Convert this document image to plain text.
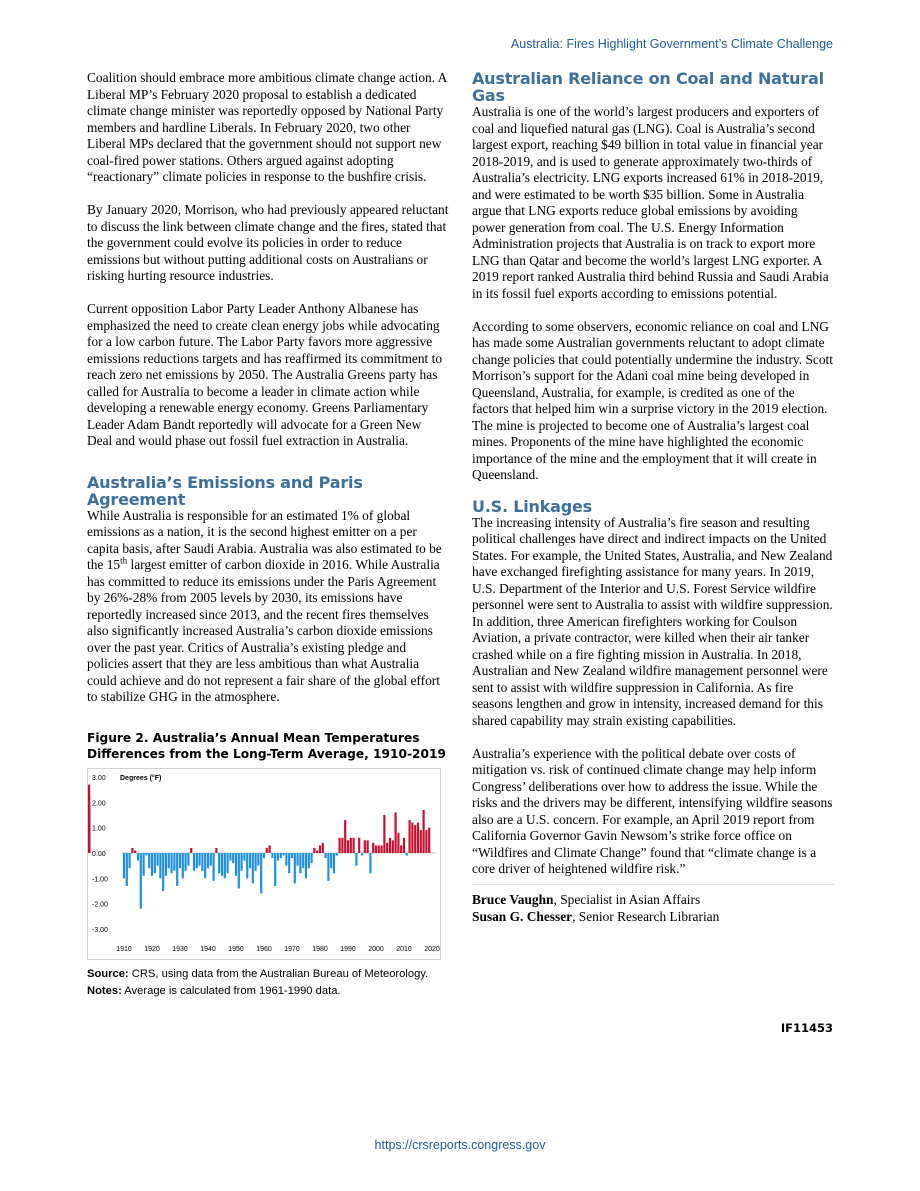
Australia: Fires Highlight Government’s Climate Challenge

Coalition should embrace more ambitious climate change action. A Liberal MP’s February 2020 proposal to establish a dedicated climate change minister was reportedly opposed by National Party members and hardline Liberals. In February 2020, two other Liberal MPs declared that the government should not support new coal-fired power stations. Others argued against adopting “reactionary” climate policies in response to the bushfire crisis.

By January 2020, Morrison, who had previously appeared reluctant to discuss the link between climate change and the fires, stated that the government could evolve its policies in order to reduce emissions but without putting additional costs on Australians or risking hurting resource industries.

Current opposition Labor Party Leader Anthony Albanese has emphasized the need to create clean energy jobs while advocating for a low carbon future. The Labor Party favors more aggressive emissions reductions targets and has reaffirmed its commitment to reach zero net emissions by 2050. The Australia Greens party has called for Australia to become a leader in climate action while developing a renewable energy economy. Greens Parliamentary Leader Adam Bandt reportedly will advocate for a Green New Deal and would phase out fossil fuel extraction in Australia.

Australia’s Emissions and Paris Agreement

While Australia is responsible for an estimated 1% of global emissions as a nation, it is the second highest emitter on a per capita basis, after Saudi Arabia. Australia was also estimated to be the 15th largest emitter of carbon dioxide in 2016. While Australia has committed to reduce its emissions under the Paris Agreement by 26%-28% from 2005 levels by 2030, its emissions have reportedly increased since 2013, and the recent fires themselves also significantly increased Australia’s carbon dioxide emissions over the past year. Critics of Australia’s existing pledge and policies assert that they are less ambitious than what Australia could achieve and do not represent a fair share of the global effort to stabilize GHG in the atmosphere.

Figure 2. Australia’s Annual Mean Temperatures Differences from the Long-Term Average, 1910-2019
3.00
2.00
1.00
0.00
-1.00
-2.00
-3.00
Degrees (°F)
1910 1920 1930 1940 1950 1960 1970 1980 1990 2000 2010 2020
Source: CRS, using data from the Australian Bureau of Meteorology.
Notes: Average is calculated from 1961-1990 data.
Australian Reliance on Coal and Natural Gas

Australia is one of the world’s largest producers and exporters of coal and liquefied natural gas (LNG). Coal is Australia’s second largest export, reaching $49 billion in total value in financial year 2018-2019, and is used to generate approximately two-thirds of Australia’s electricity. LNG exports increased 61% in 2018-2019, and were estimated to be worth $35 billion. Some in Australia argue that LNG exports reduce global emissions by avoiding power generation from coal. The U.S. Energy Information Administration projects that Australia is on track to export more LNG than Qatar and become the world’s largest LNG exporter. A 2019 report ranked Australia third behind Russia and Saudi Arabia in its fossil fuel exports according to emissions potential.

According to some observers, economic reliance on coal and LNG has made some Australian governments reluctant to adopt climate change policies that could potentially undermine the industry. Scott Morrison’s support for the Adani coal mine being developed in Queensland, Australia, for example, is credited as one of the factors that helped him win a surprise victory in the 2019 election. The mine is projected to become one of Australia’s largest coal mines. Proponents of the mine have highlighted the economic importance of the mine and the employment that it will create in Queensland.

U.S. Linkages

The increasing intensity of Australia’s fire season and resulting political challenges have direct and indirect impacts on the United States. For example, the United States, Australia, and New Zealand have exchanged firefighting assistance for many years. In 2019, U.S. Department of the Interior and U.S. Forest Service wildfire personnel were sent to Australia to assist with wildfire suppression. In addition, three American firefighters working for Coulson Aviation, a private contractor, were killed when their air tanker crashed while on a fire fighting mission in Australia. In 2018, Australian and New Zealand wildfire management personnel were sent to assist with wildfire suppression in California. As fire seasons lengthen and grow in intensity, increased demand for this shared capability may strain existing capabilities.

Australia’s experience with the political debate over costs of mitigation vs. risk of continued climate change may help inform Congress’ deliberations over how to address the issue. While the risks and the drivers may be different, intensifying wildfire seasons also are a U.S. concern. For example, an April 2019 report from California Governor Gavin Newsom’s strike force office on “Wildfires and Climate Change” found that “climate change is a core driver of heightened wildfire risk.”

Bruce Vaughn, Specialist in Asian Affairs
Susan G. Chesser, Senior Research Librarian
IF11453
https://crsreports.congress.gov
